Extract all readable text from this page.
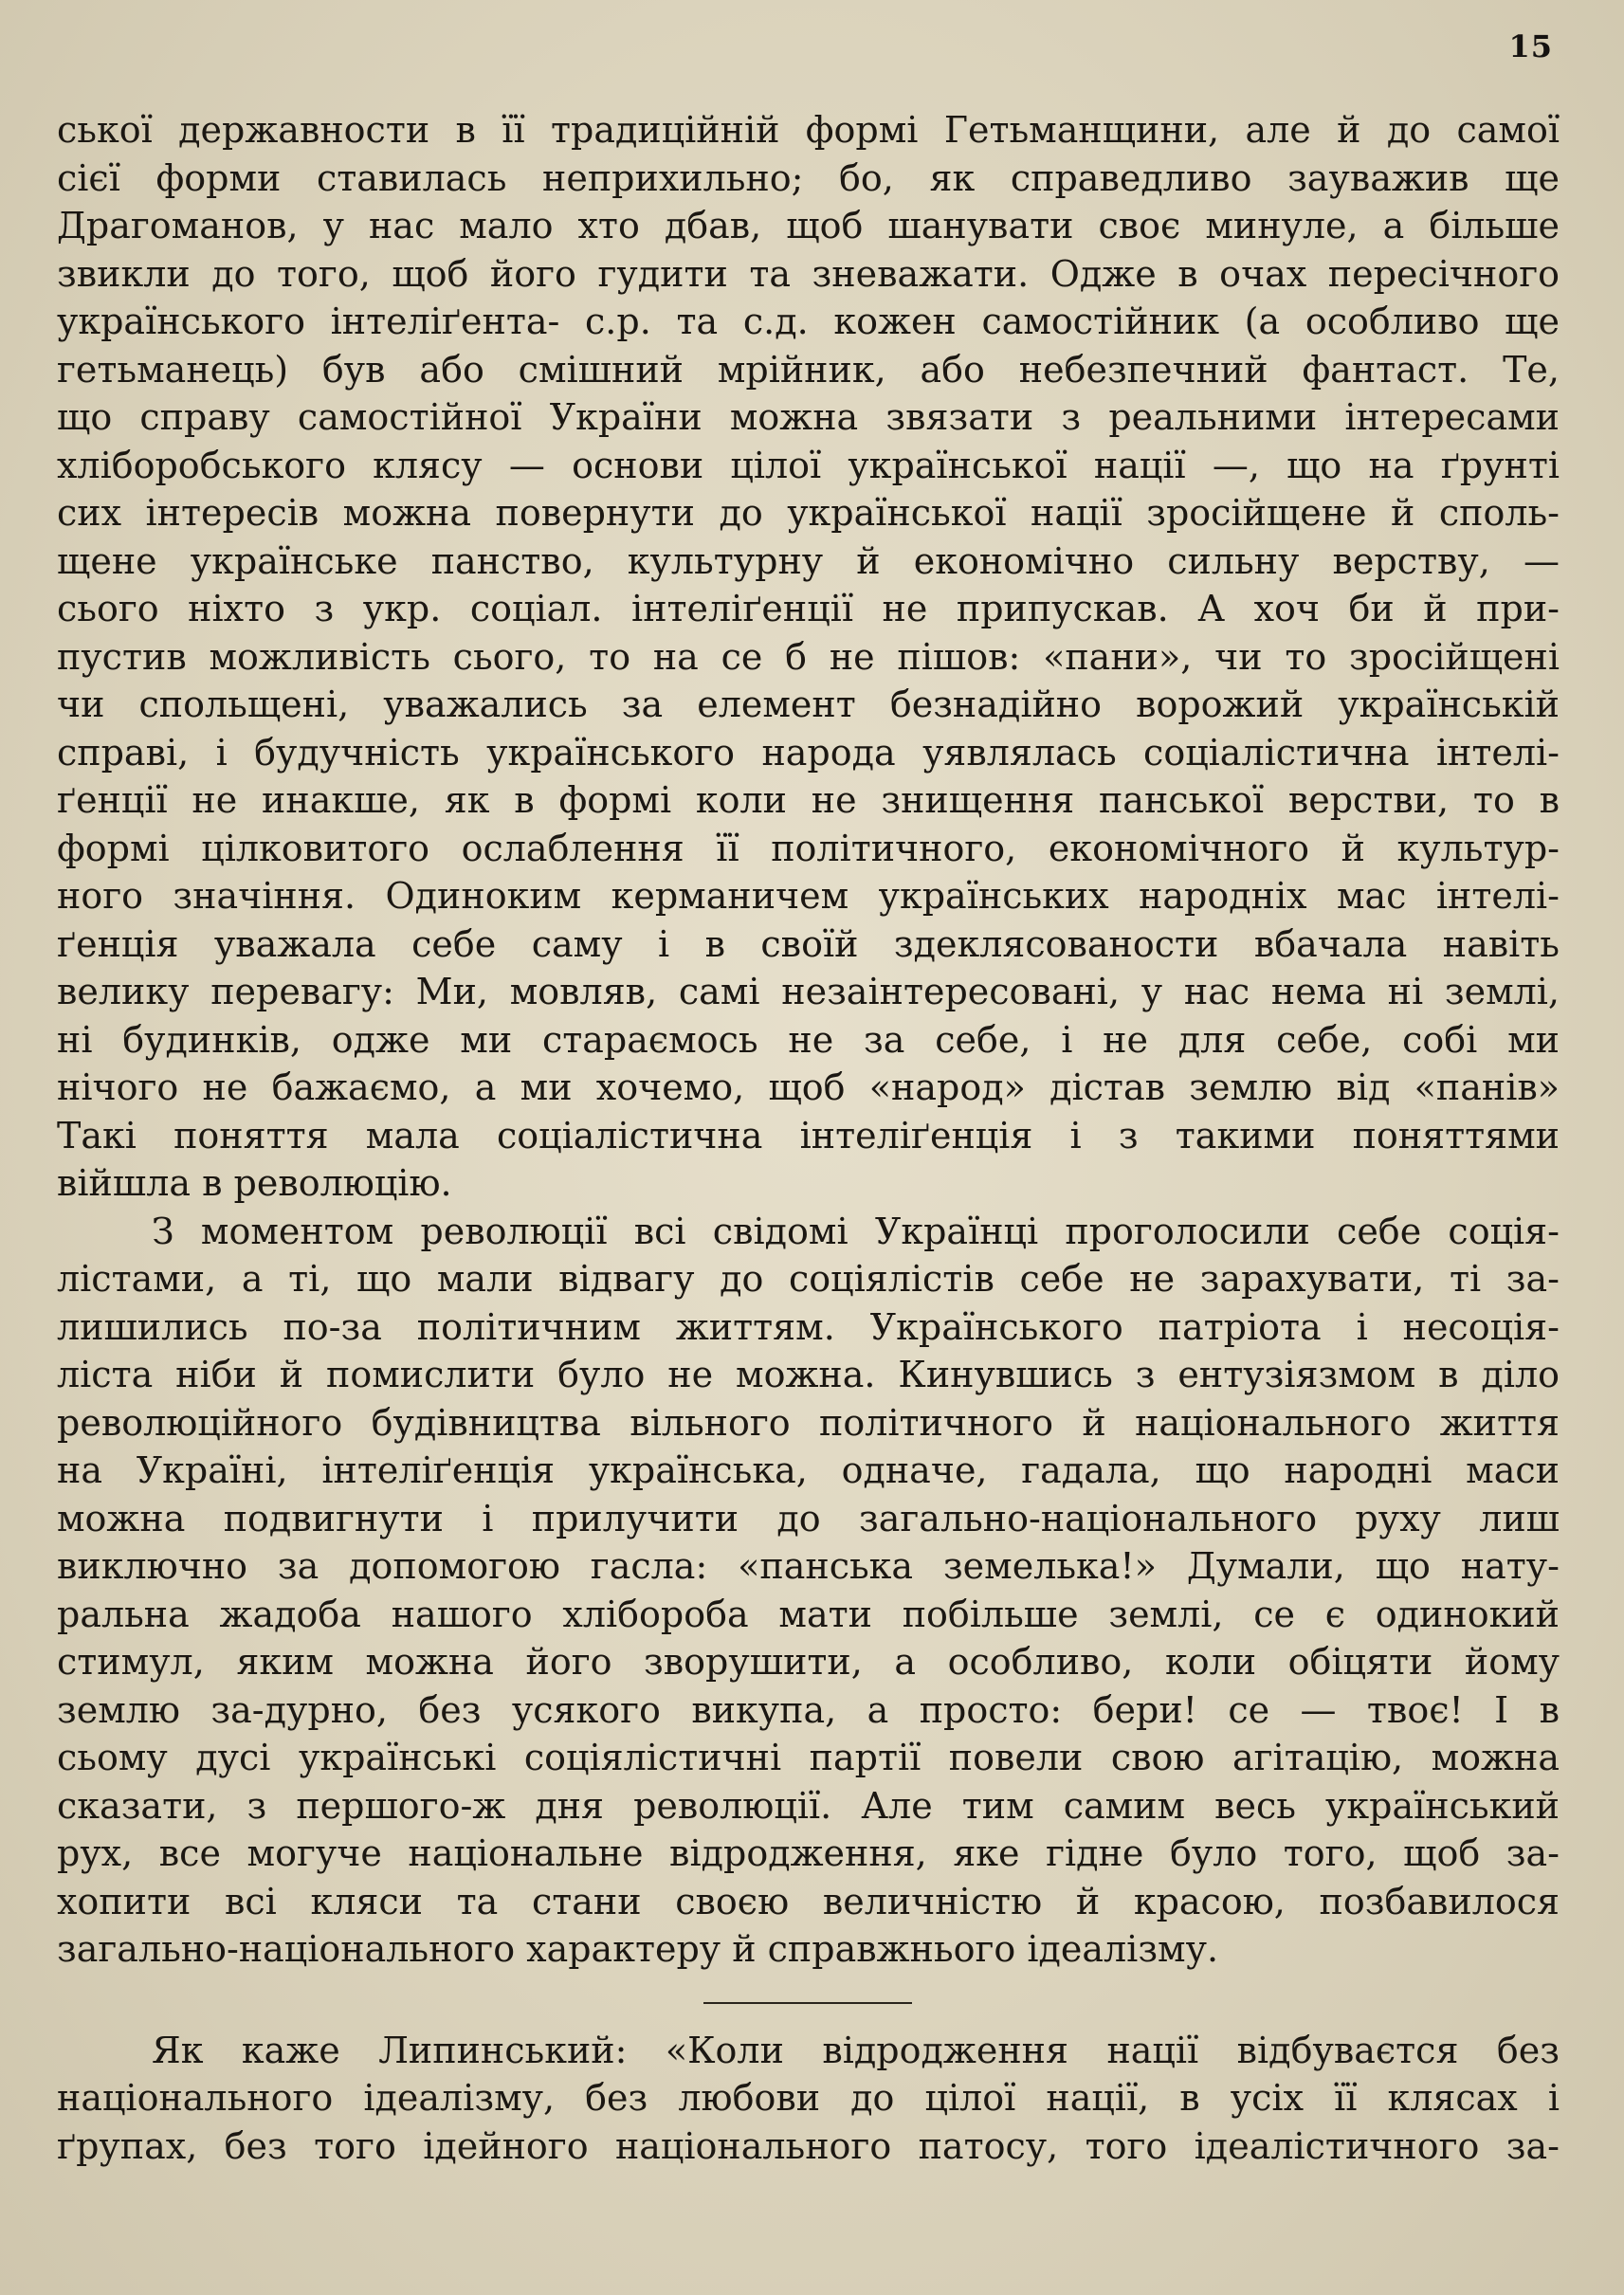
15
ської державности в її традиційній формі Гетьманщини, але й до самої
сієї форми ставилась неприхильно; бо, як справедливо зауважив ще
Драгоманов, у нас мало хто дбав, щоб шанувати своє минуле, а більше
звикли до того, щоб його гудити та зневажати. Одже в очах пересічного
українського інтеліґента- с.р. та с.д. кожен самостійник (а особливо ще
гетьманець) був або смішний мрійник, або небезпечний фантаст. Те,
що справу самостійної України можна звязати з реальними інтересами
хліборобського клясу — основи цілої української нації —, що на ґрунті
сих інтересів можна повернути до української нації зросійщене й споль-
щене українське панство, культурну й економічно сильну верству, —
сього ніхто з укр. соціал. інтеліґенції не припускав. А хоч би й при-
пустив можливість сього, то на се б не пішов: «пани», чи то зросійщені
чи спольщені, уважались за елемент безнадійно ворожий українській
справі, і будучність українського народа уявлялась соціалістична інтелі-
ґенції не инакше, як в формі коли не знищення панської верстви, то в
формі цілковитого ослаблення її політичного, економічного й культур-
ного значіння. Одиноким керманичем українських народніх мас інтелі-
ґенція уважала себе саму і в своїй здеклясованости вбачала навіть
велику перевагу: Ми, мовляв, самі незаінтересовані, у нас нема ні землі,
ні будинків, одже ми стараємось не за себе, і не для себе, собі ми
нічого не бажаємо, а ми хочемо, щоб «народ» дістав землю від «панів»
Такі поняття мала соціалістична інтеліґенція і з такими поняттями
війшла в революцію.
З моментом революції всі свідомі Українці проголосили себе соція-
лістами, а ті, що мали відвагу до соціялістів себе не зарахувати, ті за-
лишились по-за політичним життям. Українського патріота і несоція-
ліста ніби й помислити було не можна. Кинувшись з ентузіязмом в діло
революційного будівництва вільного політичного й національного життя
на Україні, інтеліґенція українська, одначе, гадала, що народні маси
можна подвигнути і прилучити до загально-національного руху лиш
виключно за допомогою гасла: «панська земелька!» Думали, що нату-
ральна жадоба нашого хлібороба мати побільше землі, се є одинокий
стимул, яким можна його зворушити, а особливо, коли обіцяти йому
землю за-дурно, без усякого викупа, а просто: бери! се — твоє! І в
сьому дусі українські соціялістичні партії повели свою агітацію, можна
сказати, з першого-ж дня революції. Але тим самим весь український
рух, все могуче національне відродження, яке гідне було того, щоб за-
хопити всі кляси та стани своєю величністю й красою, позбавилося
загально-національного характеру й справжнього ідеалізму.
Як каже Липинський: «Коли відродження нації відбуваєтся без
національного ідеалізму, без любови до цілої нації, в усіх її клясах і
ґрупах, без того ідейного національного патосу, того ідеалістичного за-
